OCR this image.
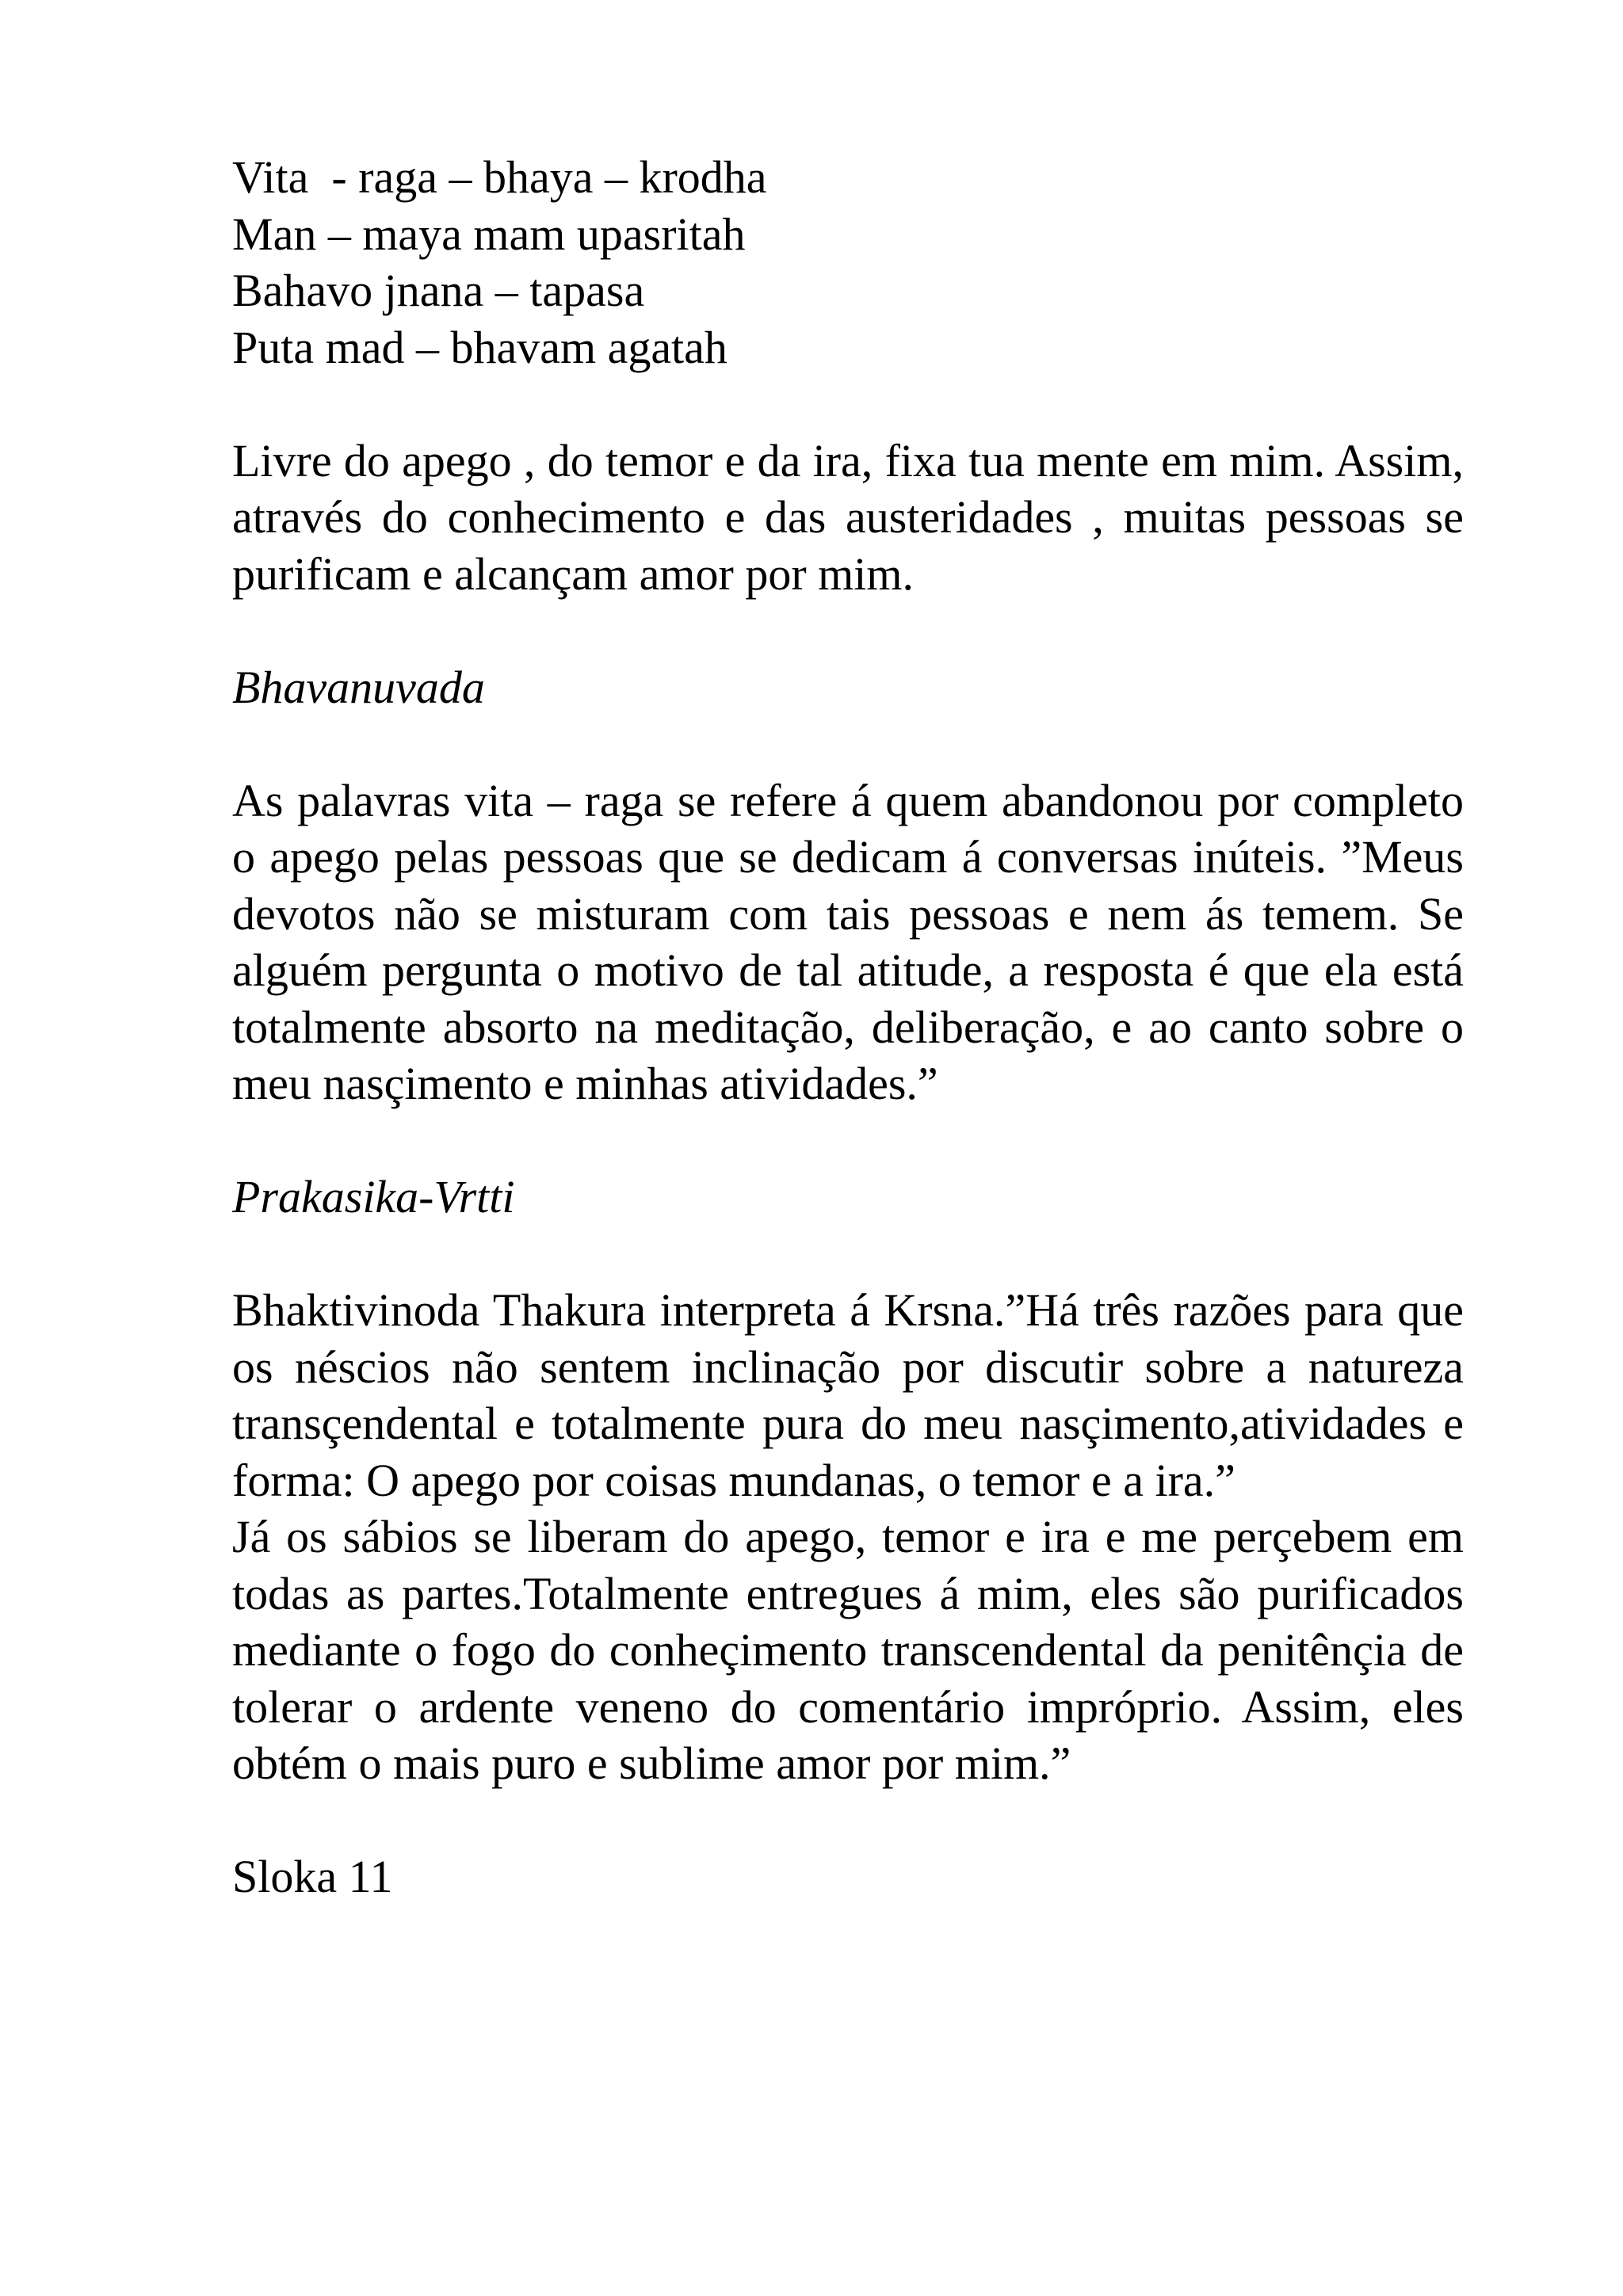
Vita  - raga – bhaya – krodha
Man – maya mam upasritah
Bahavo jnana – tapasa
Puta mad – bhavam agatah

Livre do apego , do temor e da ira, fixa tua mente em mim. Assim, através do conhecimento e das austeridades , muitas pessoas se purificam e alcançam amor por mim.

Bhavanuvada

As palavras vita – raga se refere á quem abandonou por completo o apego pelas pessoas que se dedicam á conversas inúteis. ”Meus devotos não se misturam com tais pessoas e nem ás temem. Se alguém pergunta o motivo de tal atitude, a resposta é que ela está totalmente absorto na meditação, deliberação, e ao canto sobre o meu nasçimento e minhas atividades.”

Prakasika-Vrtti

Bhaktivinoda Thakura interpreta á Krsna.”Há três razões para que os néscios não sentem inclinação por discutir sobre a natureza transçendental e totalmente pura do meu nasçimento,atividades e forma: O apego por coisas mundanas, o temor e a ira.”

Já os sábios se liberam do apego, temor e ira e me perçebem em todas as partes.Totalmente entregues á mim, eles são purificados mediante o fogo do conheçimento transcendental da penitênçia de tolerar o ardente veneno do comentário impróprio. Assim, eles obtém o mais puro e sublime amor por mim.”

Sloka 11
